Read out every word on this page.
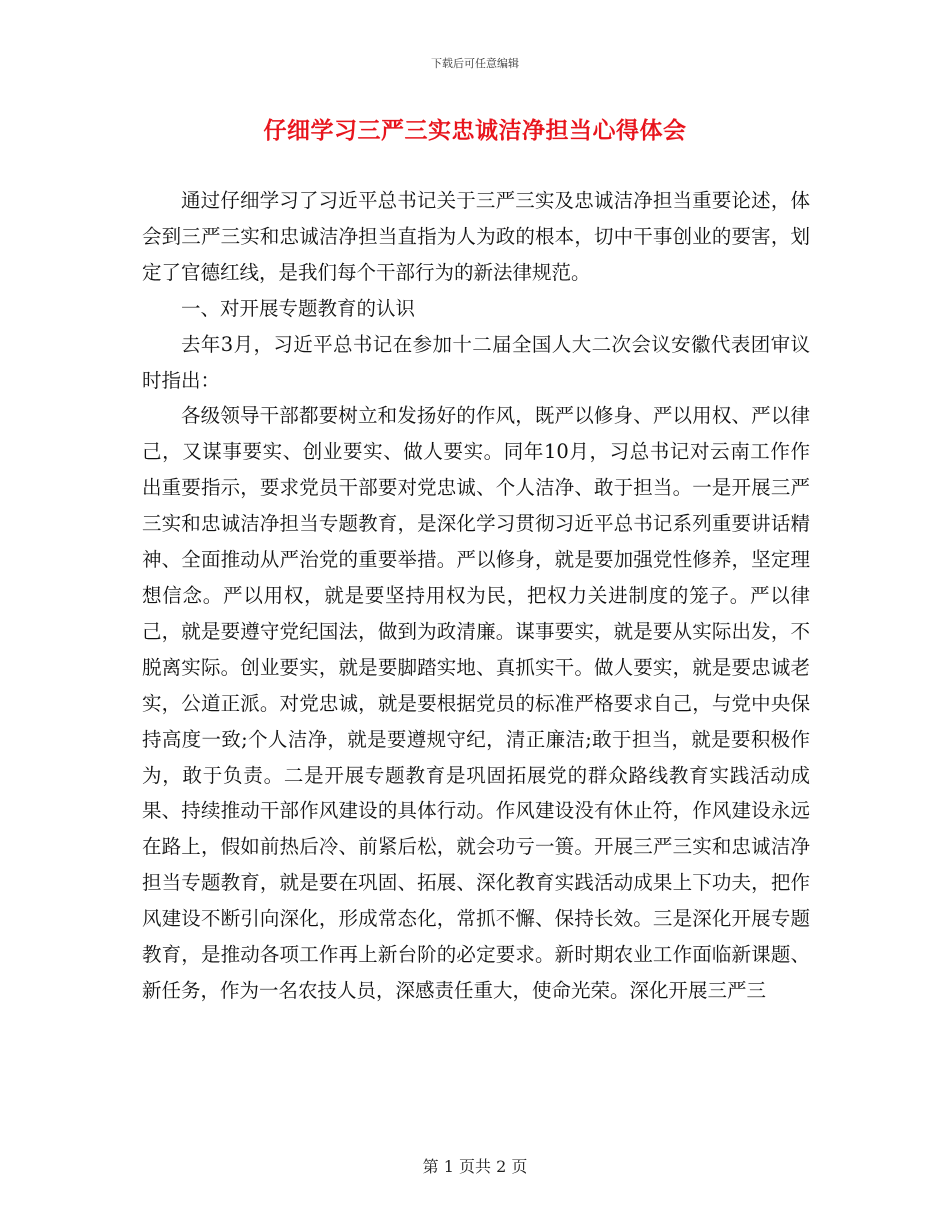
下载后可任意编辑
仔细学习三严三实忠诚洁净担当心得体会

通过仔细学习了习近平总书记关于三严三实及忠诚洁净担当重要论述，体会到三严三实和忠诚洁净担当直指为人为政的根本，切中干事创业的要害，划定了官德红线，是我们每个干部行为的新法律规范。

一、对开展专题教育的认识

去年3月，习近平总书记在参加十二届全国人大二次会议安徽代表团审议时指出：

各级领导干部都要树立和发扬好的作风，既严以修身、严以用权、严以律己，又谋事要实、创业要实、做人要实。同年10月，习总书记对云南工作作出重要指示，要求党员干部要对党忠诚、个人洁净、敢于担当。一是开展三严三实和忠诚洁净担当专题教育，是深化学习贯彻习近平总书记系列重要讲话精神、全面推动从严治党的重要举措。严以修身，就是要加强党性修养，坚定理想信念。严以用权，就是要坚持用权为民，把权力关进制度的笼子。严以律己，就是要遵守党纪国法，做到为政清廉。谋事要实，就是要从实际出发，不脱离实际。创业要实，就是要脚踏实地、真抓实干。做人要实，就是要忠诚老实，公道正派。对党忠诚，就是要根据党员的标准严格要求自己，与党中央保持高度一致;个人洁净，就是要遵规守纪，清正廉洁;敢于担当，就是要积极作为，敢于负责。二是开展专题教育是巩固拓展党的群众路线教育实践活动成果、持续推动干部作风建设的具体行动。作风建设没有休止符，作风建设永远在路上，假如前热后冷、前紧后松，就会功亏一篑。开展三严三实和忠诚洁净担当专题教育，就是要在巩固、拓展、深化教育实践活动成果上下功夫，把作风建设不断引向深化，形成常态化，常抓不懈、保持长效。三是深化开展专题教育，是推动各项工作再上新台阶的必定要求。新时期农业工作面临新课题、新任务，作为一名农技人员，深感责任重大，使命光荣。深化开展三严三

第 1 页共 2 页
